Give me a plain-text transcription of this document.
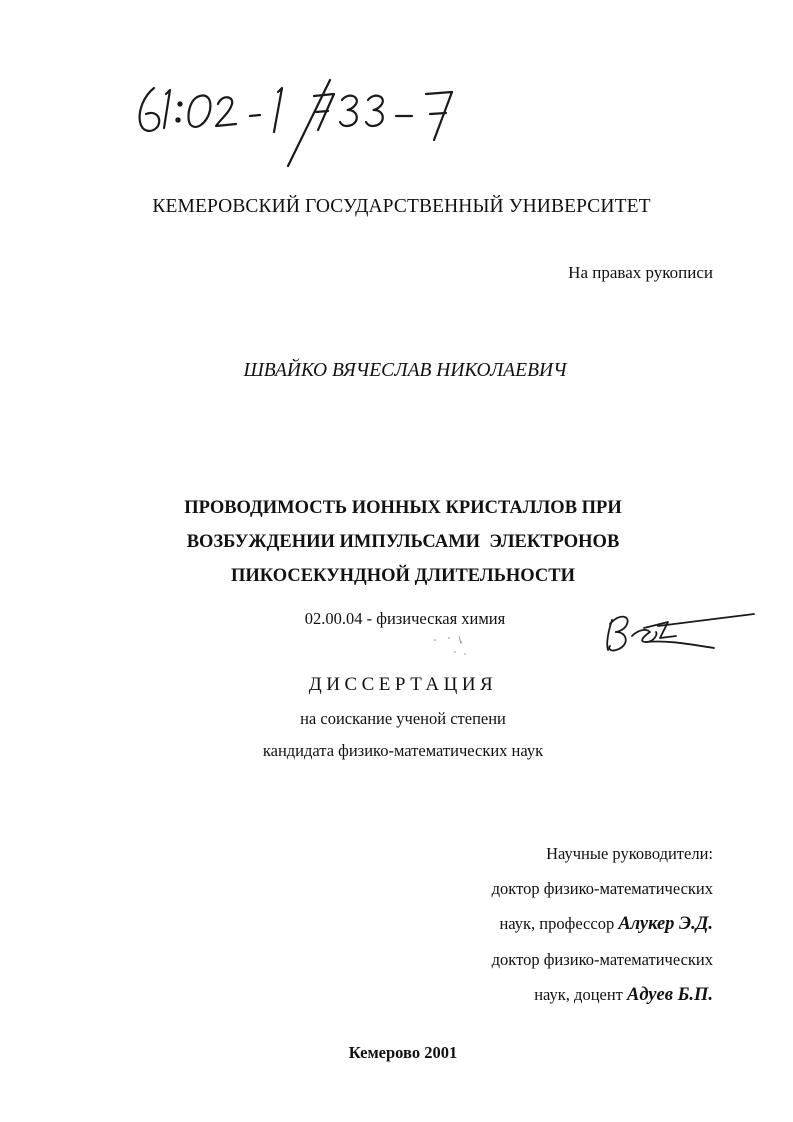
КЕМЕРОВСКИЙ ГОСУДАРСТВЕННЫЙ УНИВЕРСИТЕТ
На правах рукописи
ШВАЙКО ВЯЧЕСЛАВ НИКОЛАЕВИЧ
ПРОВОДИМОСТЬ ИОННЫХ КРИСТАЛЛОВ ПРИ
ВОЗБУЖДЕНИИ ИМПУЛЬСАМИ  ЭЛЕКТРОНОВ
ПИКОСЕКУНДНОЙ ДЛИТЕЛЬНОСТИ
02.00.04 - физическая химия
ДИССЕРТАЦИЯ
на соискание ученой степени
кандидата физико-математических наук
Научные руководители:
доктор физико-математических
наук, профессор Алукер Э.Д.
доктор физико-математических
наук, доцент Адуев Б.П.
Кемерово 2001
